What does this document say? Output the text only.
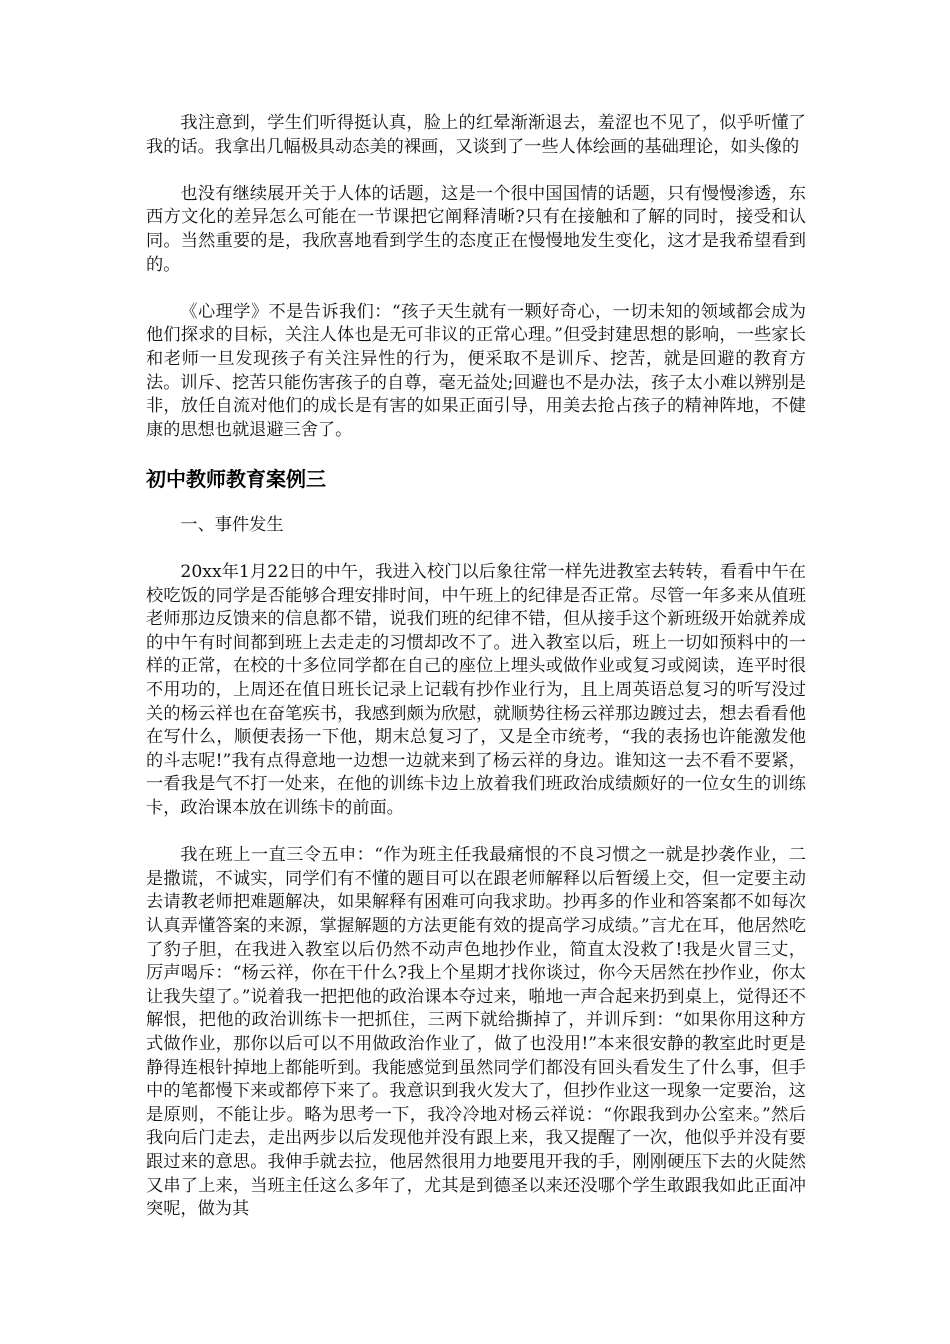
我注意到，学生们听得挺认真，脸上的红晕渐渐退去，羞涩也不见了，似乎听懂了我的话。我拿出几幅极具动态美的裸画，又谈到了一些人体绘画的基础理论，如头像的

也没有继续展开关于人体的话题，这是一个很中国国情的话题，只有慢慢渗透，东西方文化的差异怎么可能在一节课把它阐释清晰?只有在接触和了解的同时，接受和认同。当然重要的是，我欣喜地看到学生的态度正在慢慢地发生变化，这才是我希望看到的。

《心理学》不是告诉我们：“孩子天生就有一颗好奇心，一切未知的领域都会成为他们探求的目标，关注人体也是无可非议的正常心理。”但受封建思想的影响，一些家长和老师一旦发现孩子有关注异性的行为，便采取不是训斥、挖苦，就是回避的教育方法。训斥、挖苦只能伤害孩子的自尊，毫无益处;回避也不是办法，孩子太小难以辨别是非，放任自流对他们的成长是有害的如果正面引导，用美去抢占孩子的精神阵地，不健康的思想也就退避三舍了。

初中教师教育案例三

一、事件发生

20xx年1月22日的中午，我进入校门以后象往常一样先进教室去转转，看看中午在校吃饭的同学是否能够合理安排时间，中午班上的纪律是否正常。尽管一年多来从值班老师那边反馈来的信息都不错，说我们班的纪律不错，但从接手这个新班级开始就养成的中午有时间都到班上去走走的习惯却改不了。进入教室以后，班上一切如预料中的一样的正常，在校的十多位同学都在自己的座位上埋头或做作业或复习或阅读，连平时很不用功的，上周还在值日班长记录上记载有抄作业行为，且上周英语总复习的听写没过关的杨云祥也在奋笔疾书，我感到颇为欣慰，就顺势往杨云祥那边踱过去，想去看看他在写什么，顺便表扬一下他，期末总复习了，又是全市统考，“我的表扬也许能激发他的斗志呢!”我有点得意地一边想一边就来到了杨云祥的身边。谁知这一去不看不要紧，一看我是气不打一处来，在他的训练卡边上放着我们班政治成绩颇好的一位女生的训练卡，政治课本放在训练卡的前面。

我在班上一直三令五申：“作为班主任我最痛恨的不良习惯之一就是抄袭作业，二是撒谎，不诚实，同学们有不懂的题目可以在跟老师解释以后暂缓上交，但一定要主动去请教老师把难题解决，如果解释有困难可向我求助。抄再多的作业和答案都不如每次认真弄懂答案的来源，掌握解题的方法更能有效的提高学习成绩。”言尤在耳，他居然吃了豹子胆，在我进入教室以后仍然不动声色地抄作业，简直太没救了!我是火冒三丈，厉声喝斥：“杨云祥，你在干什么?我上个星期才找你谈过，你今天居然在抄作业，你太让我失望了。”说着我一把把他的政治课本夺过来，啪地一声合起来扔到桌上，觉得还不解恨，把他的政治训练卡一把抓住，三两下就给撕掉了，并训斥到：“如果你用这种方式做作业，那你以后可以不用做政治作业了，做了也没用!”本来很安静的教室此时更是静得连根针掉地上都能听到。我能感觉到虽然同学们都没有回头看发生了什么事，但手中的笔都慢下来或都停下来了。我意识到我火发大了，但抄作业这一现象一定要治，这是原则，不能让步。略为思考一下，我冷冷地对杨云祥说：“你跟我到办公室来。”然后我向后门走去，走出两步以后发现他并没有跟上来，我又提醒了一次，他似乎并没有要跟过来的意思。我伸手就去拉，他居然很用力地要甩开我的手，刚刚硬压下去的火陡然又串了上来，当班主任这么多年了，尤其是到德圣以来还没哪个学生敢跟我如此正面冲突呢，做为其
